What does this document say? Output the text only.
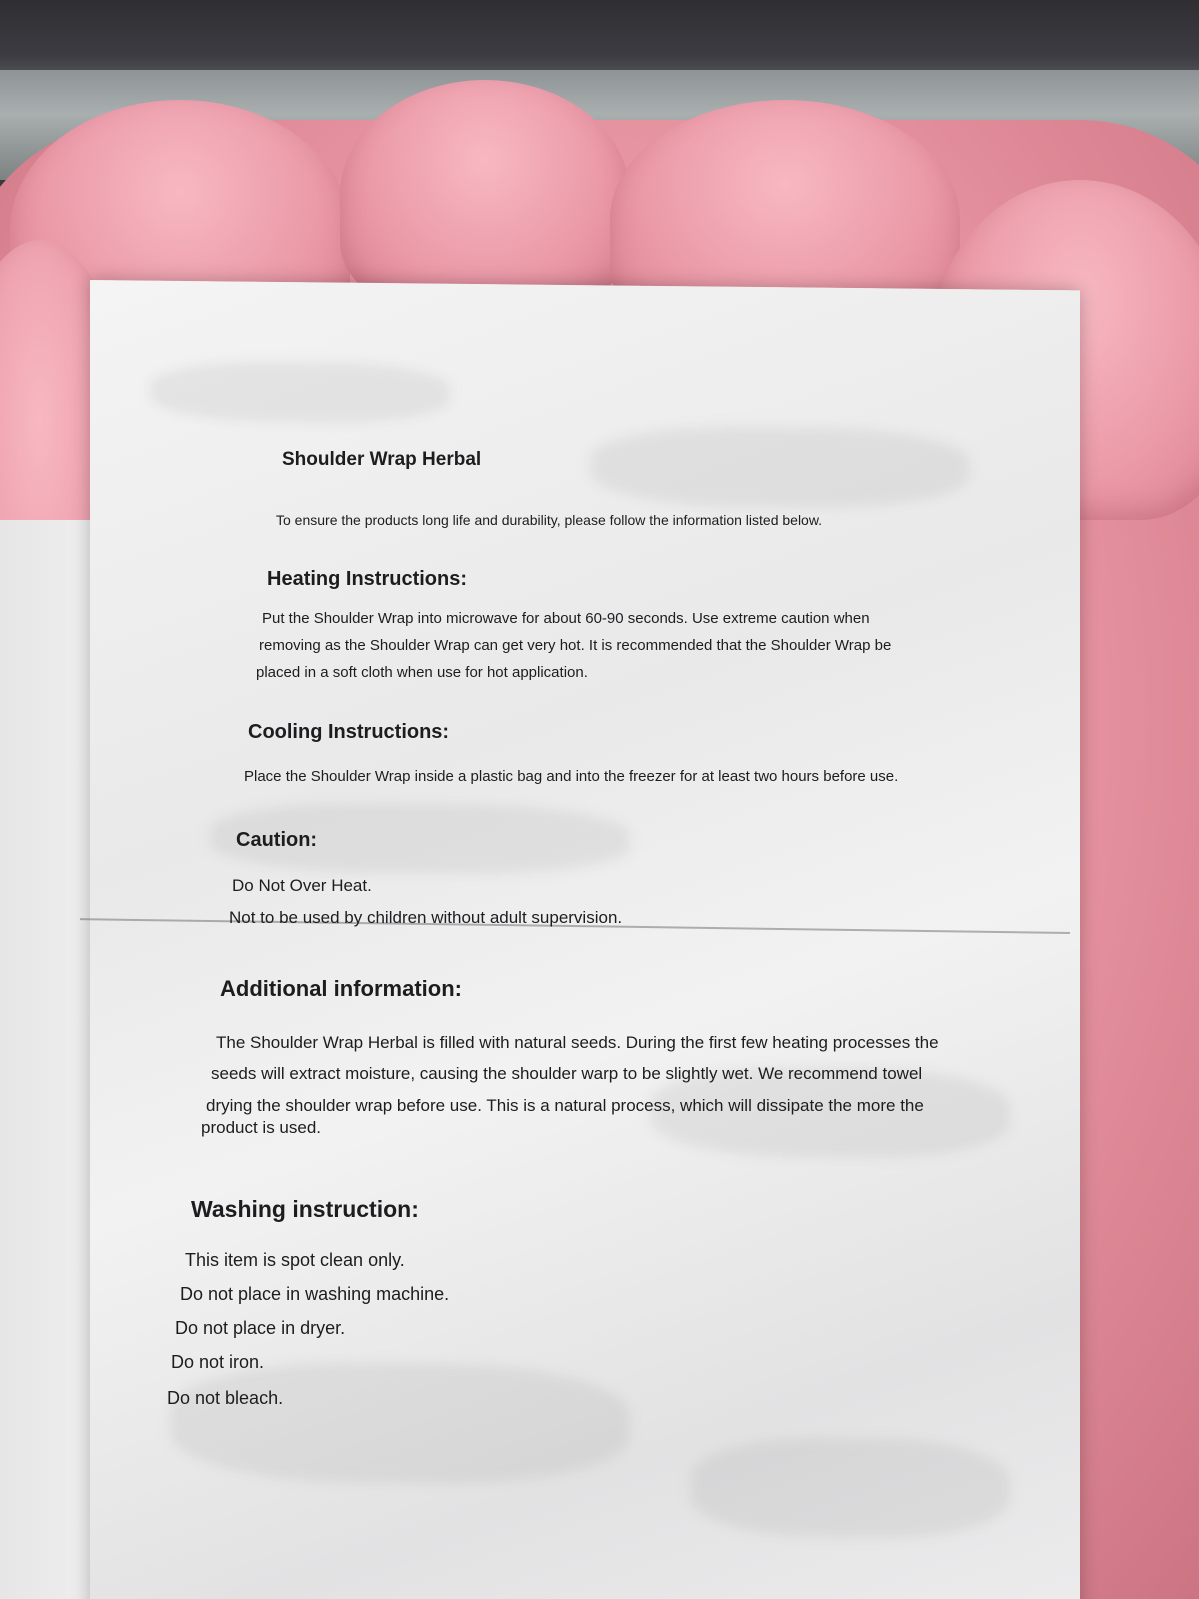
Shoulder Wrap Herbal
To ensure the products long life and durability, please follow the information listed below.
Heating Instructions:
Put the Shoulder Wrap into microwave for about 60-90 seconds. Use extreme caution when
removing as the Shoulder Wrap can get very hot. It is recommended that the Shoulder Wrap be
placed in a soft cloth when use for hot application.
Cooling Instructions:
Place the Shoulder Wrap inside a plastic bag and into the freezer for at least two hours before use.
Caution:
Do Not Over Heat.
Not to be used by children without adult supervision.
Additional information:
The Shoulder Wrap Herbal is filled with natural seeds. During the first few heating processes the
seeds will extract moisture, causing the shoulder warp to be slightly wet. We recommend towel
drying the shoulder wrap before use. This is a natural process, which will dissipate the more the
product is used.
Washing instruction:
This item is spot clean only.
Do not place in washing machine.
Do not place in dryer.
Do not iron.
Do not bleach.
